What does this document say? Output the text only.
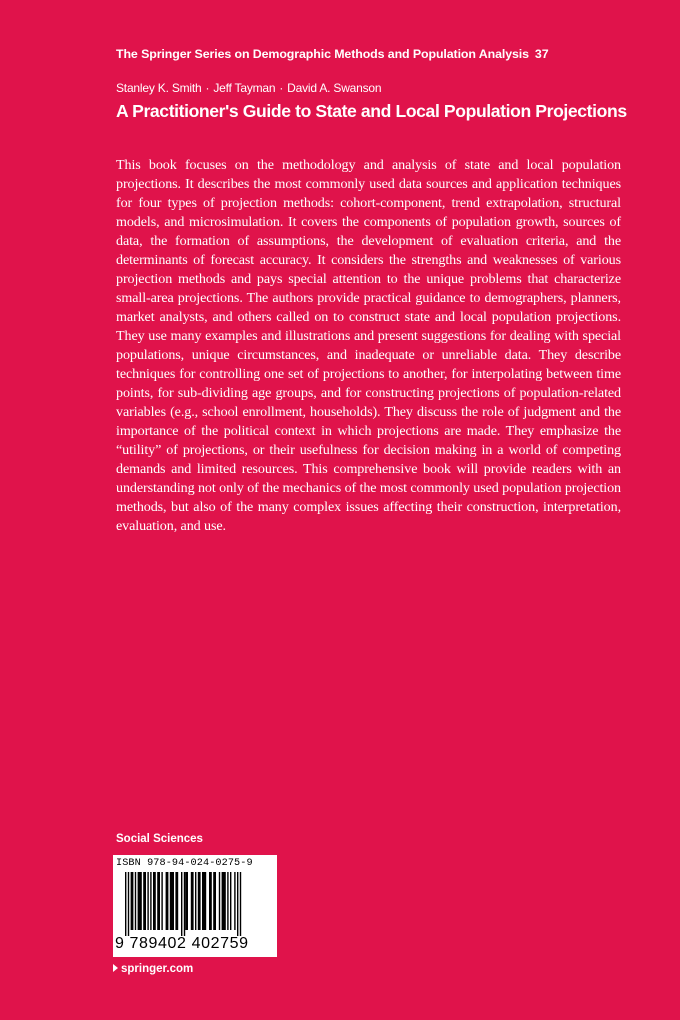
The Springer Series on Demographic Methods and Population Analysis 37
Stanley K. Smith · Jeff Tayman · David A. Swanson
A Practitioner's Guide to State and Local Population Projections

This book focuses on the methodology and analysis of state and local population projections. It describes the most commonly used data sources and application techniques for four types of projection methods: cohort-component, trend extrapolation, structural models, and microsimulation. It covers the components of population growth, sources of data, the formation of assumptions, the development of evaluation criteria, and the determinants of forecast accuracy. It considers the strengths and weaknesses of various projection methods and pays special attention to the unique problems that characterize small-area projections. The authors provide practical guidance to demographers, planners, market analysts, and others called on to construct state and local population projections. They use many examples and illustrations and present suggestions for dealing with special populations, unique circumstances, and inadequate or unreliable data. They describe techniques for controlling one set of projections to another, for interpolating between time points, for sub-dividing age groups, and for constructing projections of population-related variables (e.g., school enrollment, households). They discuss the role of judgment and the importance of the political context in which projections are made. They emphasize the “utility” of projections, or their usefulness for decision making in a world of competing demands and limited resources. This comprehensive book will provide readers with an understanding not only of the mechanics of the most commonly used population projection methods, but also of the many complex issues affecting their construction, interpretation, evaluation, and use.

Social Sciences
ISBN 978-94-024-0275-9
9 789402 402759
springer.com
